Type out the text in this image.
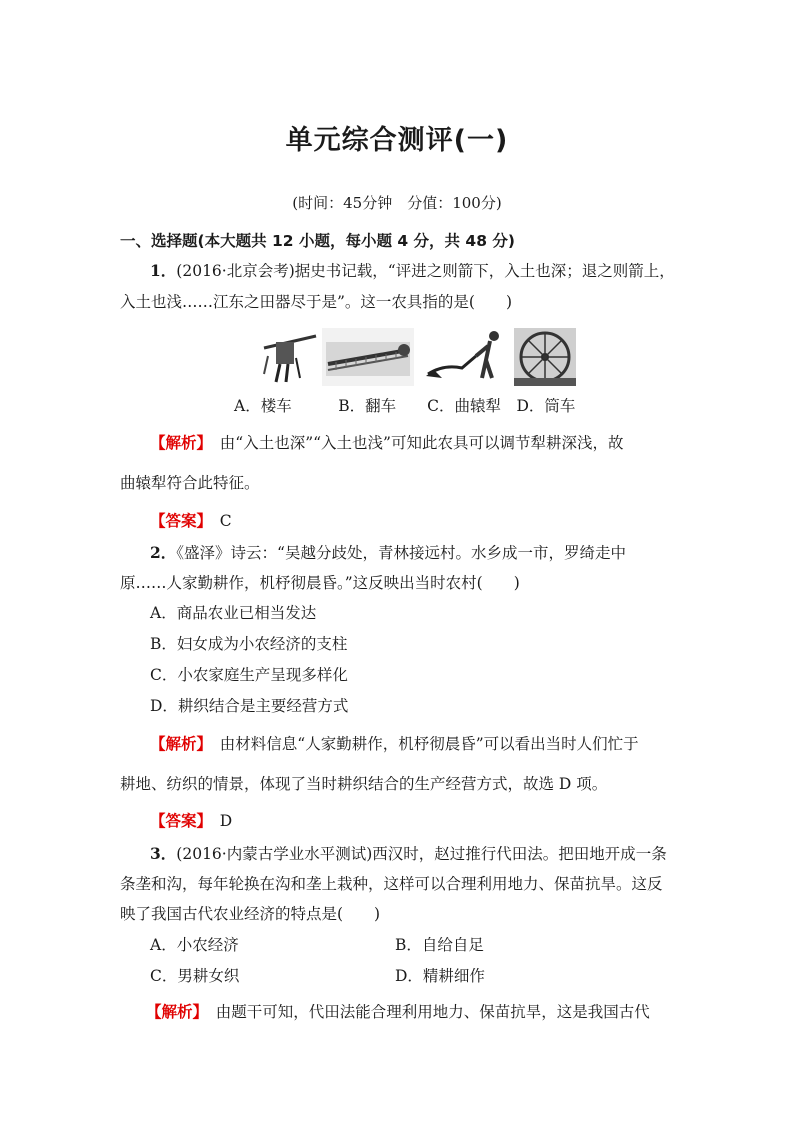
单元综合测评(一)
(时间：45分钟　分值：100分)
一、选择题(本大题共 12 小题，每小题 4 分，共 48 分)
1．(2016·北京会考)据史书记载，“评进之则箭下，入土也深；退之则箭上，
入土也浅……江东之田器尽于是”。这一农具指的是(　　)
A．楼车　　　B．翻车　　C．曲辕犁　D．筒车
【解析】　 由“入土也深”“入土也浅”可知此农具可以调节犁耕深浅，故
曲辕犁符合此特征。
【答案】　 C
2．《盛泽》诗云：“吴越分歧处，青林接远村。水乡成一市，罗绮走中
原……人家勤耕作，机杼彻晨昏。”这反映出当时农村(　　)
A．商品农业已相当发达
B．妇女成为小农经济的支柱
C．小农家庭生产呈现多样化
D．耕织结合是主要经营方式
【解析】　 由材料信息“人家勤耕作，机杼彻晨昏”可以看出当时人们忙于
耕地、纺织的情景，体现了当时耕织结合的生产经营方式，故选 D 项。
【答案】　 D
3．(2016·内蒙古学业水平测试)西汉时，赵过推行代田法。把田地开成一条
条垄和沟，每年轮换在沟和垄上栽种，这样可以合理利用地力、保苗抗旱。这反
映了我国古代农业经济的特点是(　　)
A．小农经济	B．自给自足
C．男耕女织	D．精耕细作
【解析】　 由题干可知，代田法能合理利用地力、保苗抗旱，这是我国古代
